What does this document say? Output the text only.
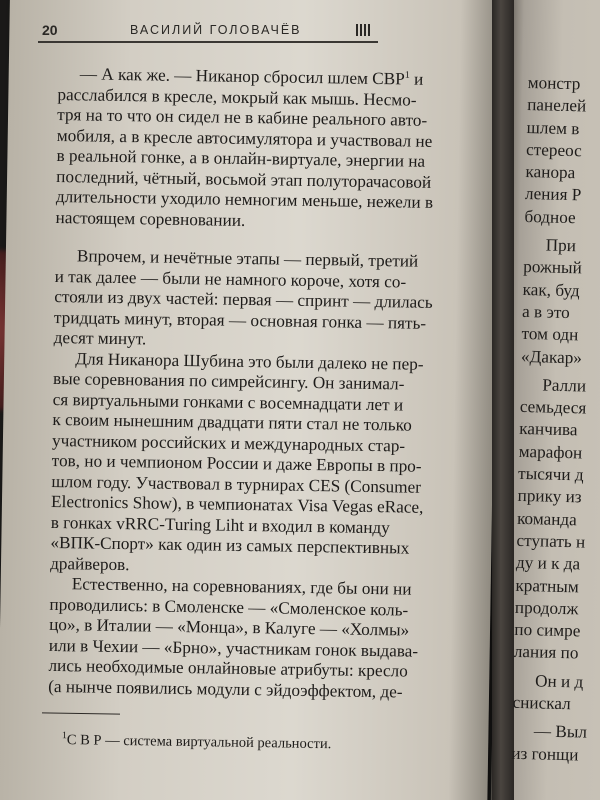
20	ВАСИЛИЙ ГОЛОВАЧЁВ
— А как же. — Никанор сбросил шлем СВР$^1$ и
расслабился в кресле, мокрый как мышь. Несмо-
тря на то что он сидел не в кабине реального авто-
мобиля, а в кресле автосимулятора и участвовал не
в реальной гонке, а в онлайн-виртуале, энергии на
последний, чётный, восьмой этап полуторачасовой
длительности уходило немногим меньше, нежели в
настоящем соревновании.
Впрочем, и нечётные этапы — первый, третий
и так далее — были не намного короче, хотя со-
стояли из двух частей: первая — спринт — длилась
тридцать минут, вторая — основная гонка — пять-
десят минут.
Для Никанора Шубина это были далеко не пер-
вые соревнования по симрейсингу. Он занимал-
ся виртуальными гонками с восемнадцати лет и
к своим нынешним двадцати пяти стал не только
участником российских и международных стар-
тов, но и чемпионом России и даже Европы в про-
шлом году. Участвовал в турнирах CES (Consumer
Electronics Show), в чемпионатах Visa Vegas eRace,
в гонках vRRC-Turing Liht и входил в команду
«ВПК-Спорт» как один из самых перспективных
драйверов.
Естественно, на соревнованиях, где бы они ни
проводились: в Смоленске — «Смоленское коль-
цо», в Италии — «Монца», в Калуге — «Холмы»
или в Чехии — «Брно», участникам гонок выдава-
лись необходимые онлайновые атрибуты: кресло
(а нынче появились модули с эйдоэффектом, де-
$^1$С В Р — система виртуальной реальности.
монстр
панелей
шлем в
стереос
канора
ления Р
бодное
При
рожный
как, буд
а в это
том одн
«Дакар»
Ралли
семьдеся
канчива
марафон
тысячи д
прику из
команда
ступать н
ду и к да
кратным
продолж
по симре
лания по
Он и д
снискал
— Выл
из гонщи
